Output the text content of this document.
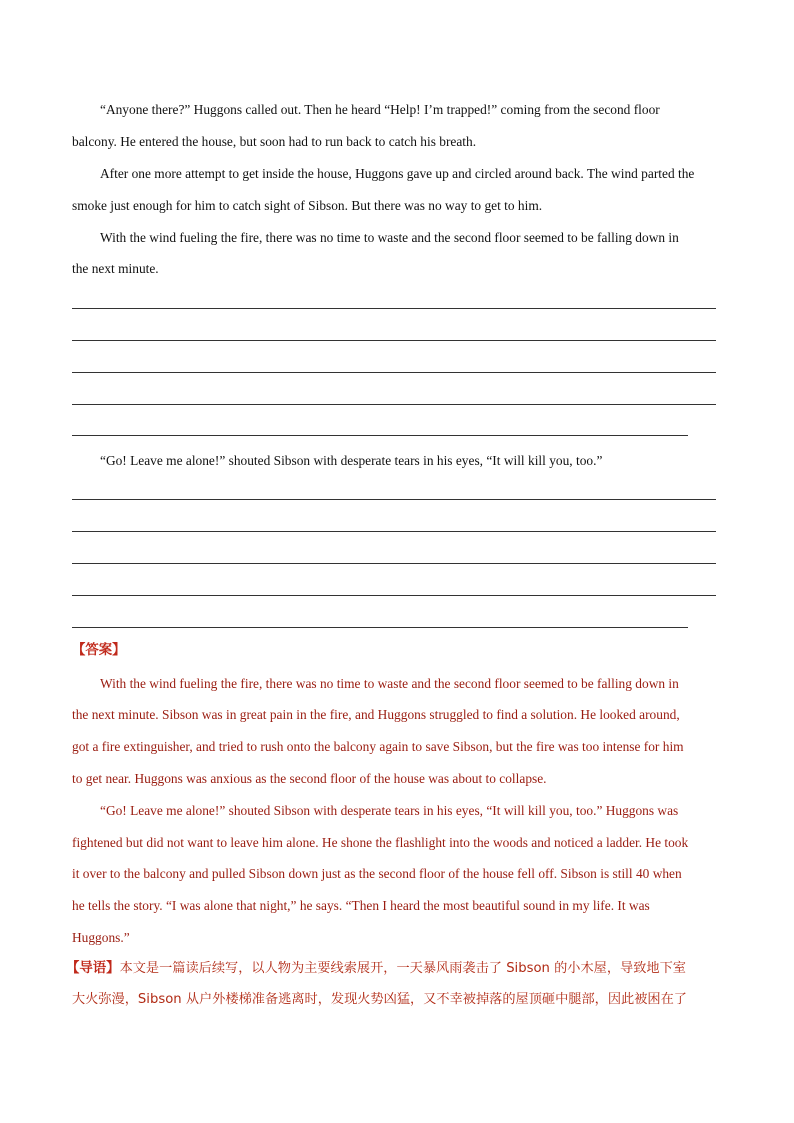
“Anyone there?” Huggons called out. Then he heard “Help! I’m trapped!” coming from the second floor
balcony. He entered the house, but soon had to run back to catch his breath.
After one more attempt to get inside the house, Huggons gave up and circled around back. The wind parted the
smoke just enough for him to catch sight of Sibson. But there was no way to get to him.
With the wind fueling the fire, there was no time to waste and the second floor seemed to be falling down in
the next minute.
“Go! Leave me alone!” shouted Sibson with desperate tears in his eyes, “It will kill you, too.”
【答案】
With the wind fueling the fire, there was no time to waste and the second floor seemed to be falling down in
the next minute. Sibson was in great pain in the fire, and Huggons struggled to find a solution. He looked around,
got a fire extinguisher, and tried to rush onto the balcony again to save Sibson, but the fire was too intense for him
to get near. Huggons was anxious as the second floor of the house was about to collapse.
“Go! Leave me alone!” shouted Sibson with desperate tears in his eyes, “It will kill you, too.” Huggons was
fightened but did not want to leave him alone. He shone the flashlight into the woods and noticed a ladder. He took
it over to the balcony and pulled Sibson down just as the second floor of the house fell off. Sibson is still 40 when
he tells the story. “I was alone that night,” he says. “Then I heard the most beautiful sound in my life. It was
Huggons.”
【导语】本文是一篇读后续写，以人物为主要线索展开，一天暴风雨袭击了 Sibson 的小木屋，导致地下室
大火弥漫，Sibson 从户外楼梯准备逃离时，发现火势凶猛，又不幸被掉落的屋顶砸中腿部，因此被困在了
